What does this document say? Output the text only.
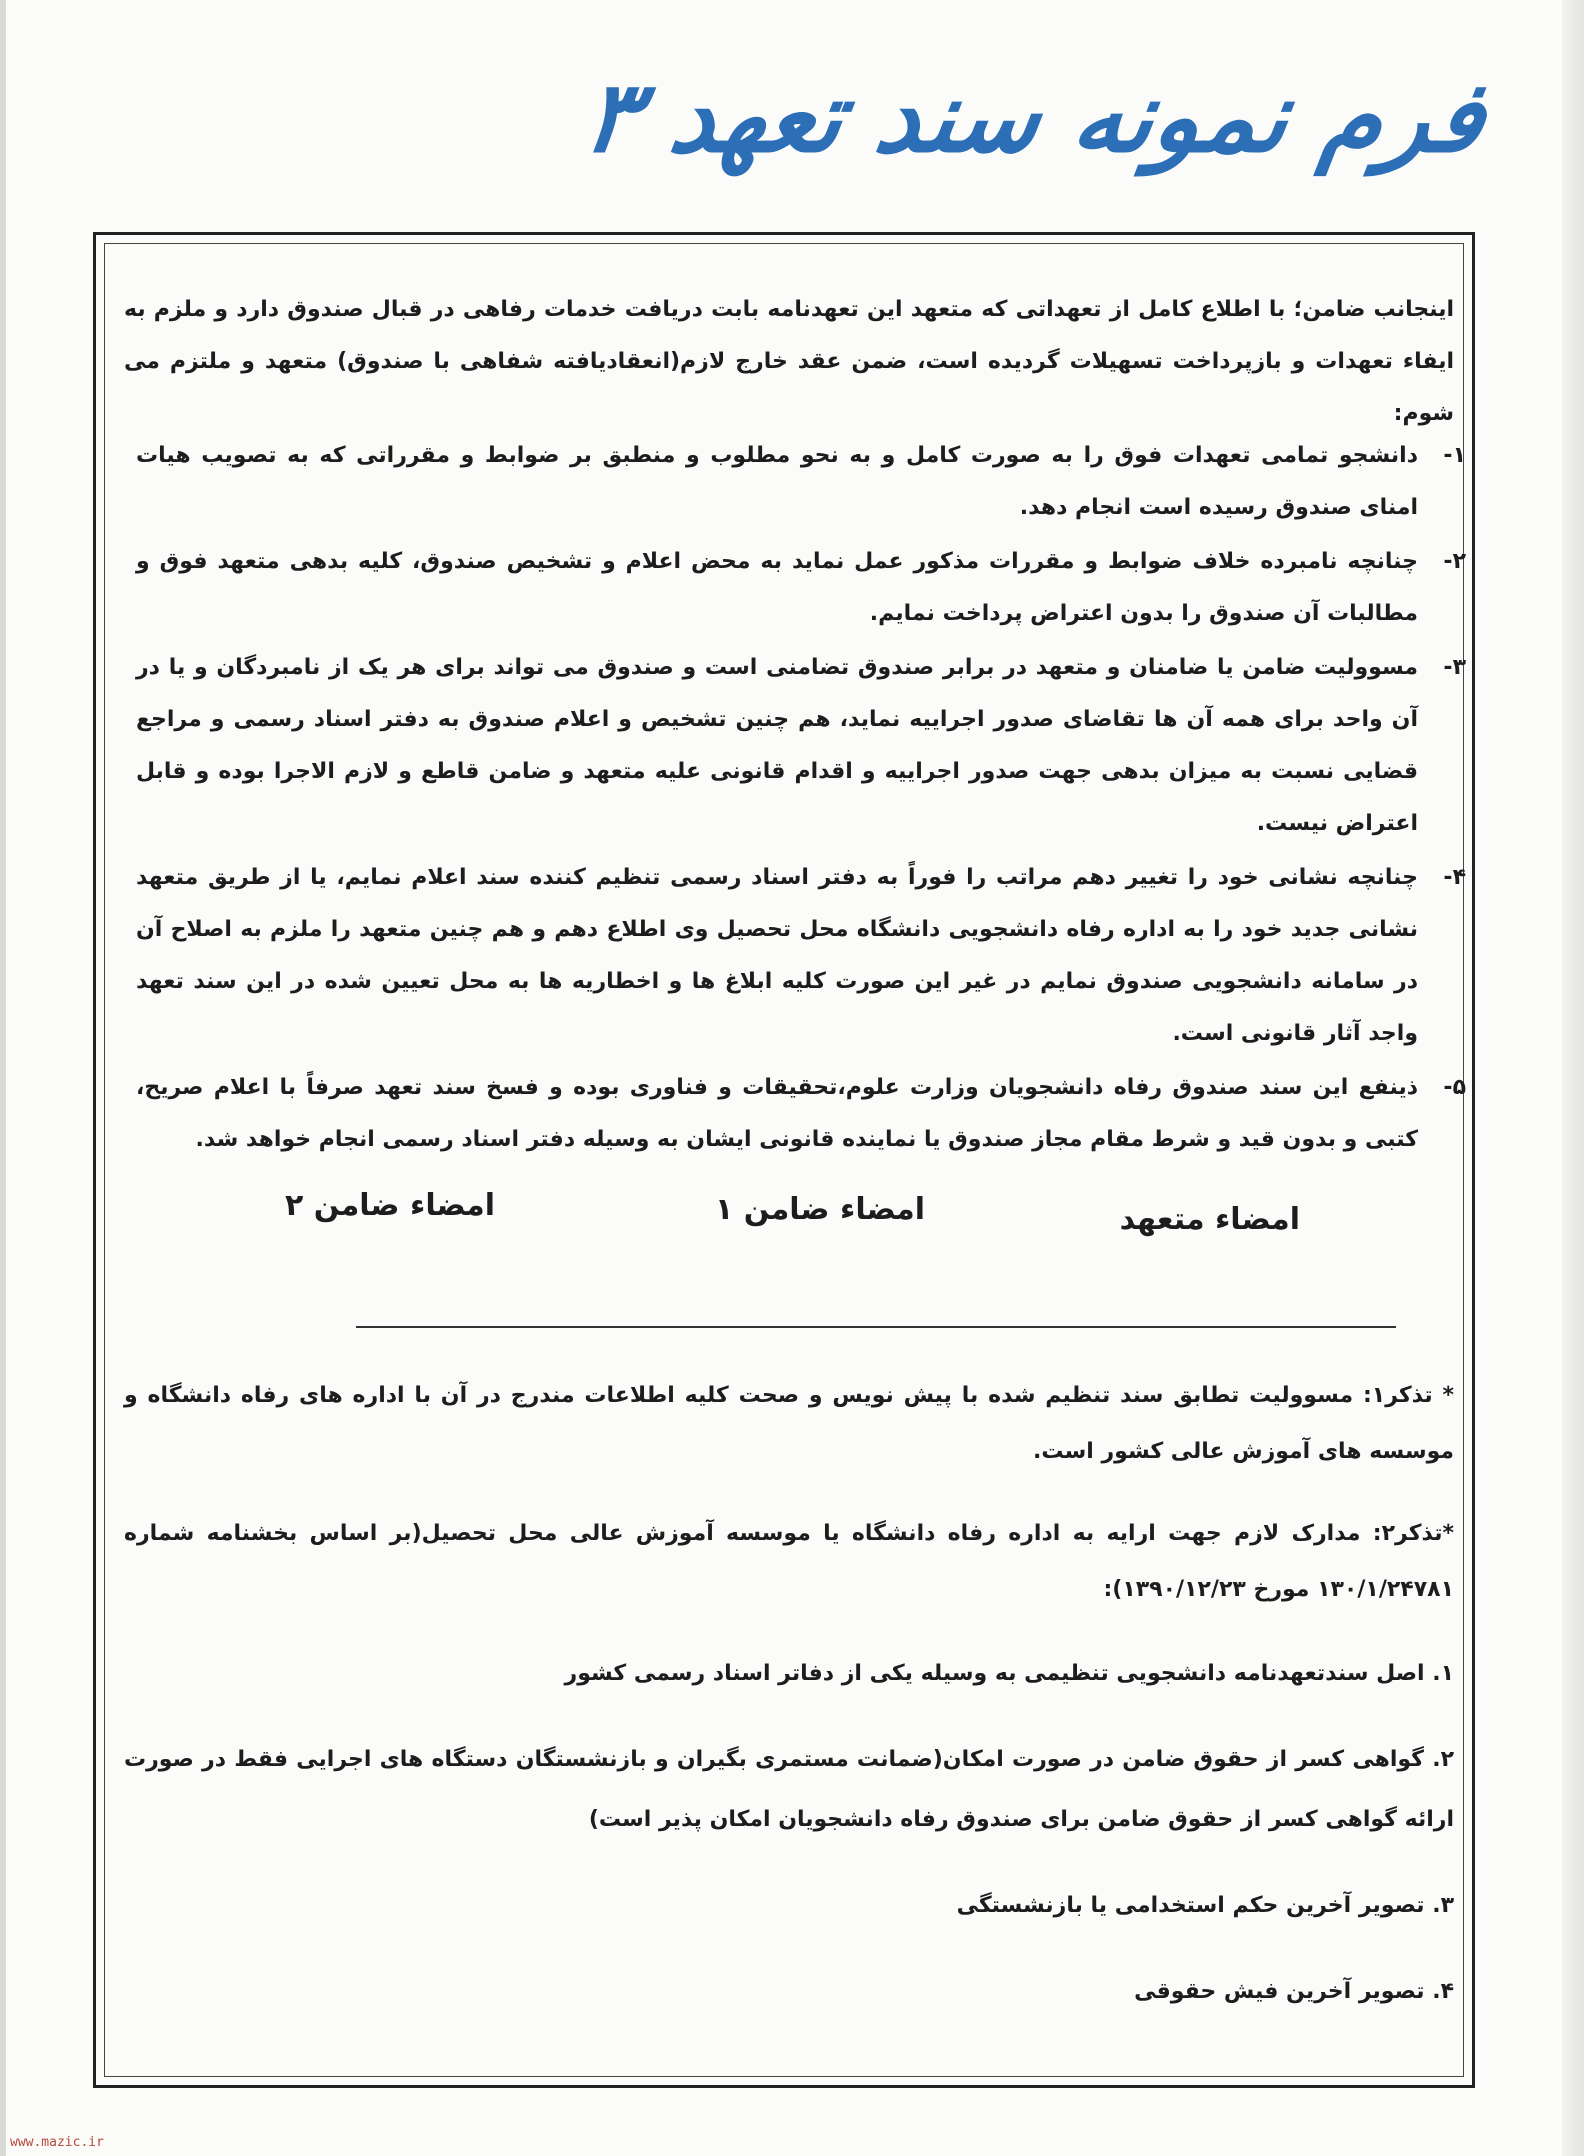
فرم نمونه سند تعهد ۳
اینجانب ضامن؛ با اطلاع کامل از تعهداتی که متعهد این تعهدنامه بابت دریافت خدمات رفاهی در قبال صندوق دارد و ملزم به ایفاء تعهدات و بازپرداخت تسهیلات گردیده است، ضمن عقد خارج لازم(انعقادیافته شفاهی با صندوق) متعهد و ملتزم می شوم:
۱-
دانشجو تمامی تعهدات فوق را به صورت کامل و به نحو مطلوب و منطبق بر ضوابط و مقرراتی که به تصویب هیات امنای صندوق رسیده است انجام دهد.
۲-
چنانچه نامبرده خلاف ضوابط و مقررات مذکور عمل نماید به محض اعلام و تشخیص صندوق، کلیه بدهی متعهد فوق و مطالبات آن صندوق را بدون اعتراض پرداخت نمایم.
۳-
مسوولیت ضامن یا ضامنان و متعهد در برابر صندوق تضامنی است و صندوق می تواند برای هر یک از نامبردگان و یا در آن واحد برای همه آن ها تقاضای صدور اجراییه نماید، هم چنین تشخیص و اعلام صندوق به دفتر اسناد رسمی و مراجع قضایی نسبت به میزان بدهی جهت صدور اجراییه و اقدام قانونی علیه متعهد و ضامن قاطع و لازم الاجرا بوده و قابل اعتراض نیست.
۴-
چنانچه نشانی خود را تغییر دهم مراتب را فوراً به دفتر اسناد رسمی تنظیم کننده سند اعلام نمایم، یا از طریق متعهد نشانی جدید خود را به اداره رفاه دانشجویی دانشگاه محل تحصیل وی اطلاع دهم و هم چنین متعهد را ملزم به اصلاح آن در سامانه دانشجویی صندوق نمایم در غیر این صورت کلیه ابلاغ ها و اخطاریه ها به محل تعیین شده در این سند تعهد واجد آثار قانونی است.
۵-
ذینفع این سند صندوق رفاه دانشجویان وزارت علوم،تحقیقات و فناوری بوده و فسخ سند تعهد صرفاً با اعلام صریح، کتبی و بدون قید و شرط مقام مجاز صندوق یا نماینده قانونی ایشان به وسیله دفتر اسناد رسمی انجام خواهد شد.
امضاء متعهد
امضاء ضامن ۱
امضاء ضامن ۲
* تذکر۱: مسوولیت تطابق سند تنظیم شده با پیش نویس و صحت کلیه اطلاعات مندرج در آن با اداره های رفاه دانشگاه و موسسه های آموزش عالی کشور است.
*تذکر۲: مدارک لازم جهت ارایه به اداره رفاه دانشگاه یا موسسه آموزش عالی محل تحصیل(بر اساس بخشنامه شماره ۱۳۰/۱/۲۴۷۸۱ مورخ ۱۳۹۰/۱۲/۲۳):
۱. اصل سندتعهدنامه دانشجویی تنظیمی به وسیله یکی از دفاتر اسناد رسمی کشور
۲. گواهی کسر از حقوق ضامن در صورت امکان(ضمانت مستمری بگیران و بازنشستگان دستگاه های اجرایی فقط در صورت ارائه گواهی کسر از حقوق ضامن برای صندوق رفاه دانشجویان امکان پذیر است)
۳. تصویر آخرین حکم استخدامی یا بازنشستگی
۴. تصویر آخرین فیش حقوقی
www.mazic.ir
